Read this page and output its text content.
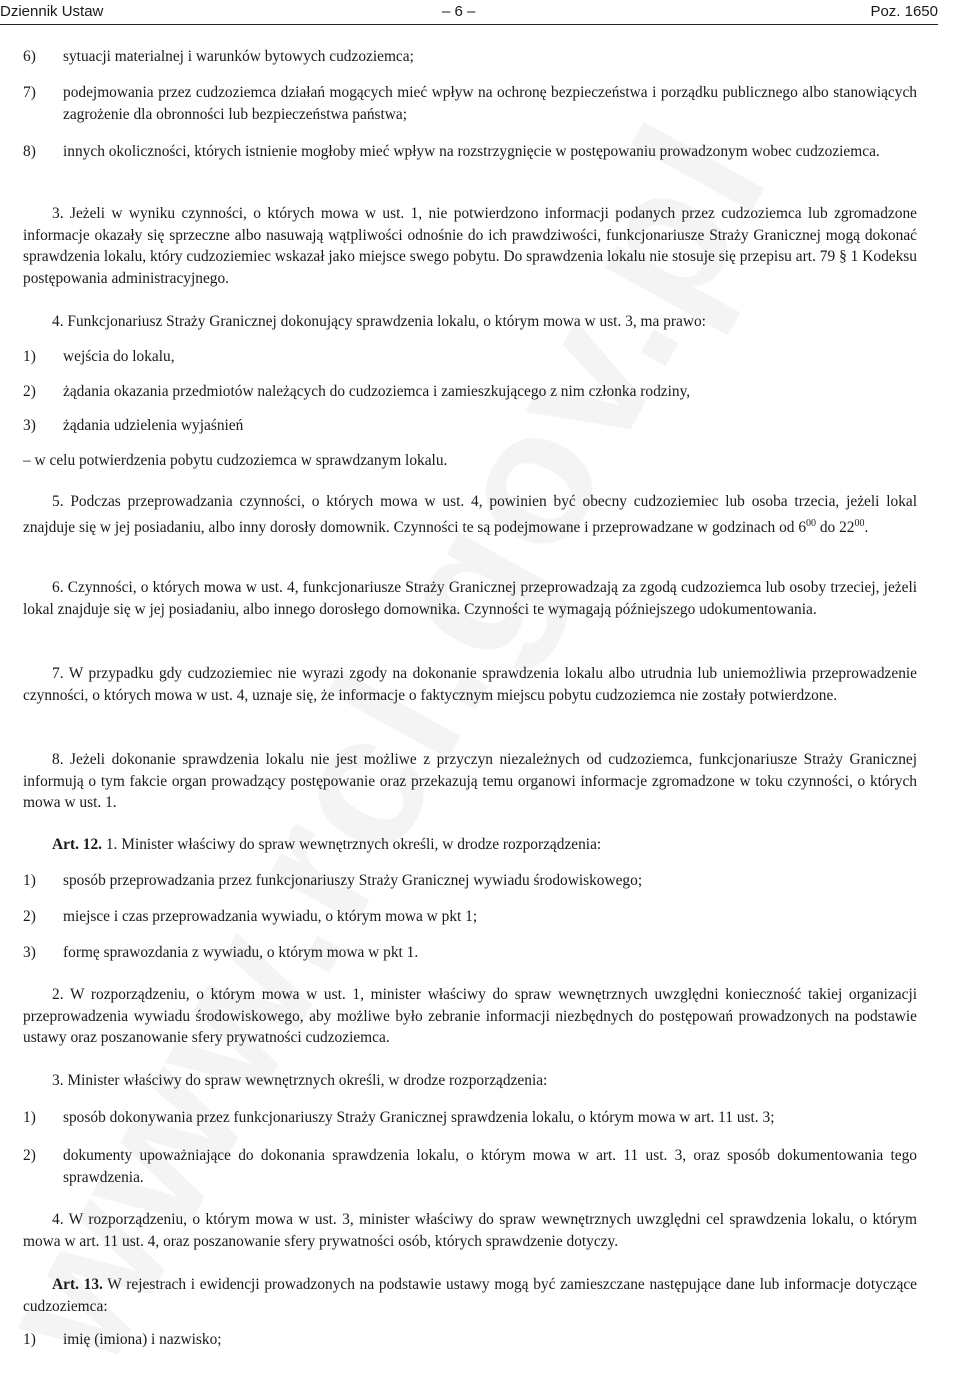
Dziennik Ustaw	– 6 –	Poz. 1650
6) sytuacji materialnej i warunków bytowych cudzoziemca;
7) podejmowania przez cudzoziemca działań mogących mieć wpływ na ochronę bezpieczeństwa i porządku publicznego albo stanowiących zagrożenie dla obronności lub bezpieczeństwa państwa;
8) innych okoliczności, których istnienie mogłoby mieć wpływ na rozstrzygnięcie w postępowaniu prowadzonym wobec cudzoziemca.
3. Jeżeli w wyniku czynności, o których mowa w ust. 1, nie potwierdzono informacji podanych przez cudzoziemca lub zgromadzone informacje okazały się sprzeczne albo nasuwają wątpliwości odnośnie do ich prawdziwości, funkcjonariusze Straży Granicznej mogą dokonać sprawdzenia lokalu, który cudzoziemiec wskazał jako miejsce swego pobytu. Do sprawdzenia lokalu nie stosuje się przepisu art. 79 § 1 Kodeksu postępowania administracyjnego.
4. Funkcjonariusz Straży Granicznej dokonujący sprawdzenia lokalu, o którym mowa w ust. 3, ma prawo:
1) wejścia do lokalu,
2) żądania okazania przedmiotów należących do cudzoziemca i zamieszkującego z nim członka rodziny,
3) żądania udzielenia wyjaśnień
– w celu potwierdzenia pobytu cudzoziemca w sprawdzanym lokalu.
5. Podczas przeprowadzania czynności, o których mowa w ust. 4, powinien być obecny cudzoziemiec lub osoba trzecia, jeżeli lokal znajduje się w jej posiadaniu, albo inny dorosły domownik. Czynności te są podejmowane i przeprowadzane w godzinach od $6^{00}$ do $22^{00}$.
6. Czynności, o których mowa w ust. 4, funkcjonariusze Straży Granicznej przeprowadzają za zgodą cudzoziemca lub osoby trzeciej, jeżeli lokal znajduje się w jej posiadaniu, albo innego dorosłego domownika. Czynności te wymagają późniejszego udokumentowania.
7. W przypadku gdy cudzoziemiec nie wyrazi zgody na dokonanie sprawdzenia lokalu albo utrudnia lub uniemożliwia przeprowadzenie czynności, o których mowa w ust. 4, uznaje się, że informacje o faktycznym miejscu pobytu cudzoziemca nie zostały potwierdzone.
8. Jeżeli dokonanie sprawdzenia lokalu nie jest możliwe z przyczyn niezależnych od cudzoziemca, funkcjonariusze Straży Granicznej informują o tym fakcie organ prowadzący postępowanie oraz przekazują temu organowi informacje zgromadzone w toku czynności, o których mowa w ust. 1.
Art. 12. 1. Minister właściwy do spraw wewnętrznych określi, w drodze rozporządzenia:
1) sposób przeprowadzania przez funkcjonariuszy Straży Granicznej wywiadu środowiskowego;
2) miejsce i czas przeprowadzania wywiadu, o którym mowa w pkt 1;
3) formę sprawozdania z wywiadu, o którym mowa w pkt 1.
2. W rozporządzeniu, o którym mowa w ust. 1, minister właściwy do spraw wewnętrznych uwzględni konieczność takiej organizacji przeprowadzenia wywiadu środowiskowego, aby możliwe było zebranie informacji niezbędnych do postępowań prowadzonych na podstawie ustawy oraz poszanowanie sfery prywatności cudzoziemca.
3. Minister właściwy do spraw wewnętrznych określi, w drodze rozporządzenia:
1) sposób dokonywania przez funkcjonariuszy Straży Granicznej sprawdzenia lokalu, o którym mowa w art. 11 ust. 3;
2) dokumenty upoważniające do dokonania sprawdzenia lokalu, o którym mowa w art. 11 ust. 3, oraz sposób dokumentowania tego sprawdzenia.
4. W rozporządzeniu, o którym mowa w ust. 3, minister właściwy do spraw wewnętrznych uwzględni cel sprawdzenia lokalu, o którym mowa w art. 11 ust. 4, oraz poszanowanie sfery prywatności osób, których sprawdzenie dotyczy.
Art. 13. W rejestrach i ewidencji prowadzonych na podstawie ustawy mogą być zamieszczane następujące dane lub informacje dotyczące cudzoziemca:
1) imię (imiona) i nazwisko;
